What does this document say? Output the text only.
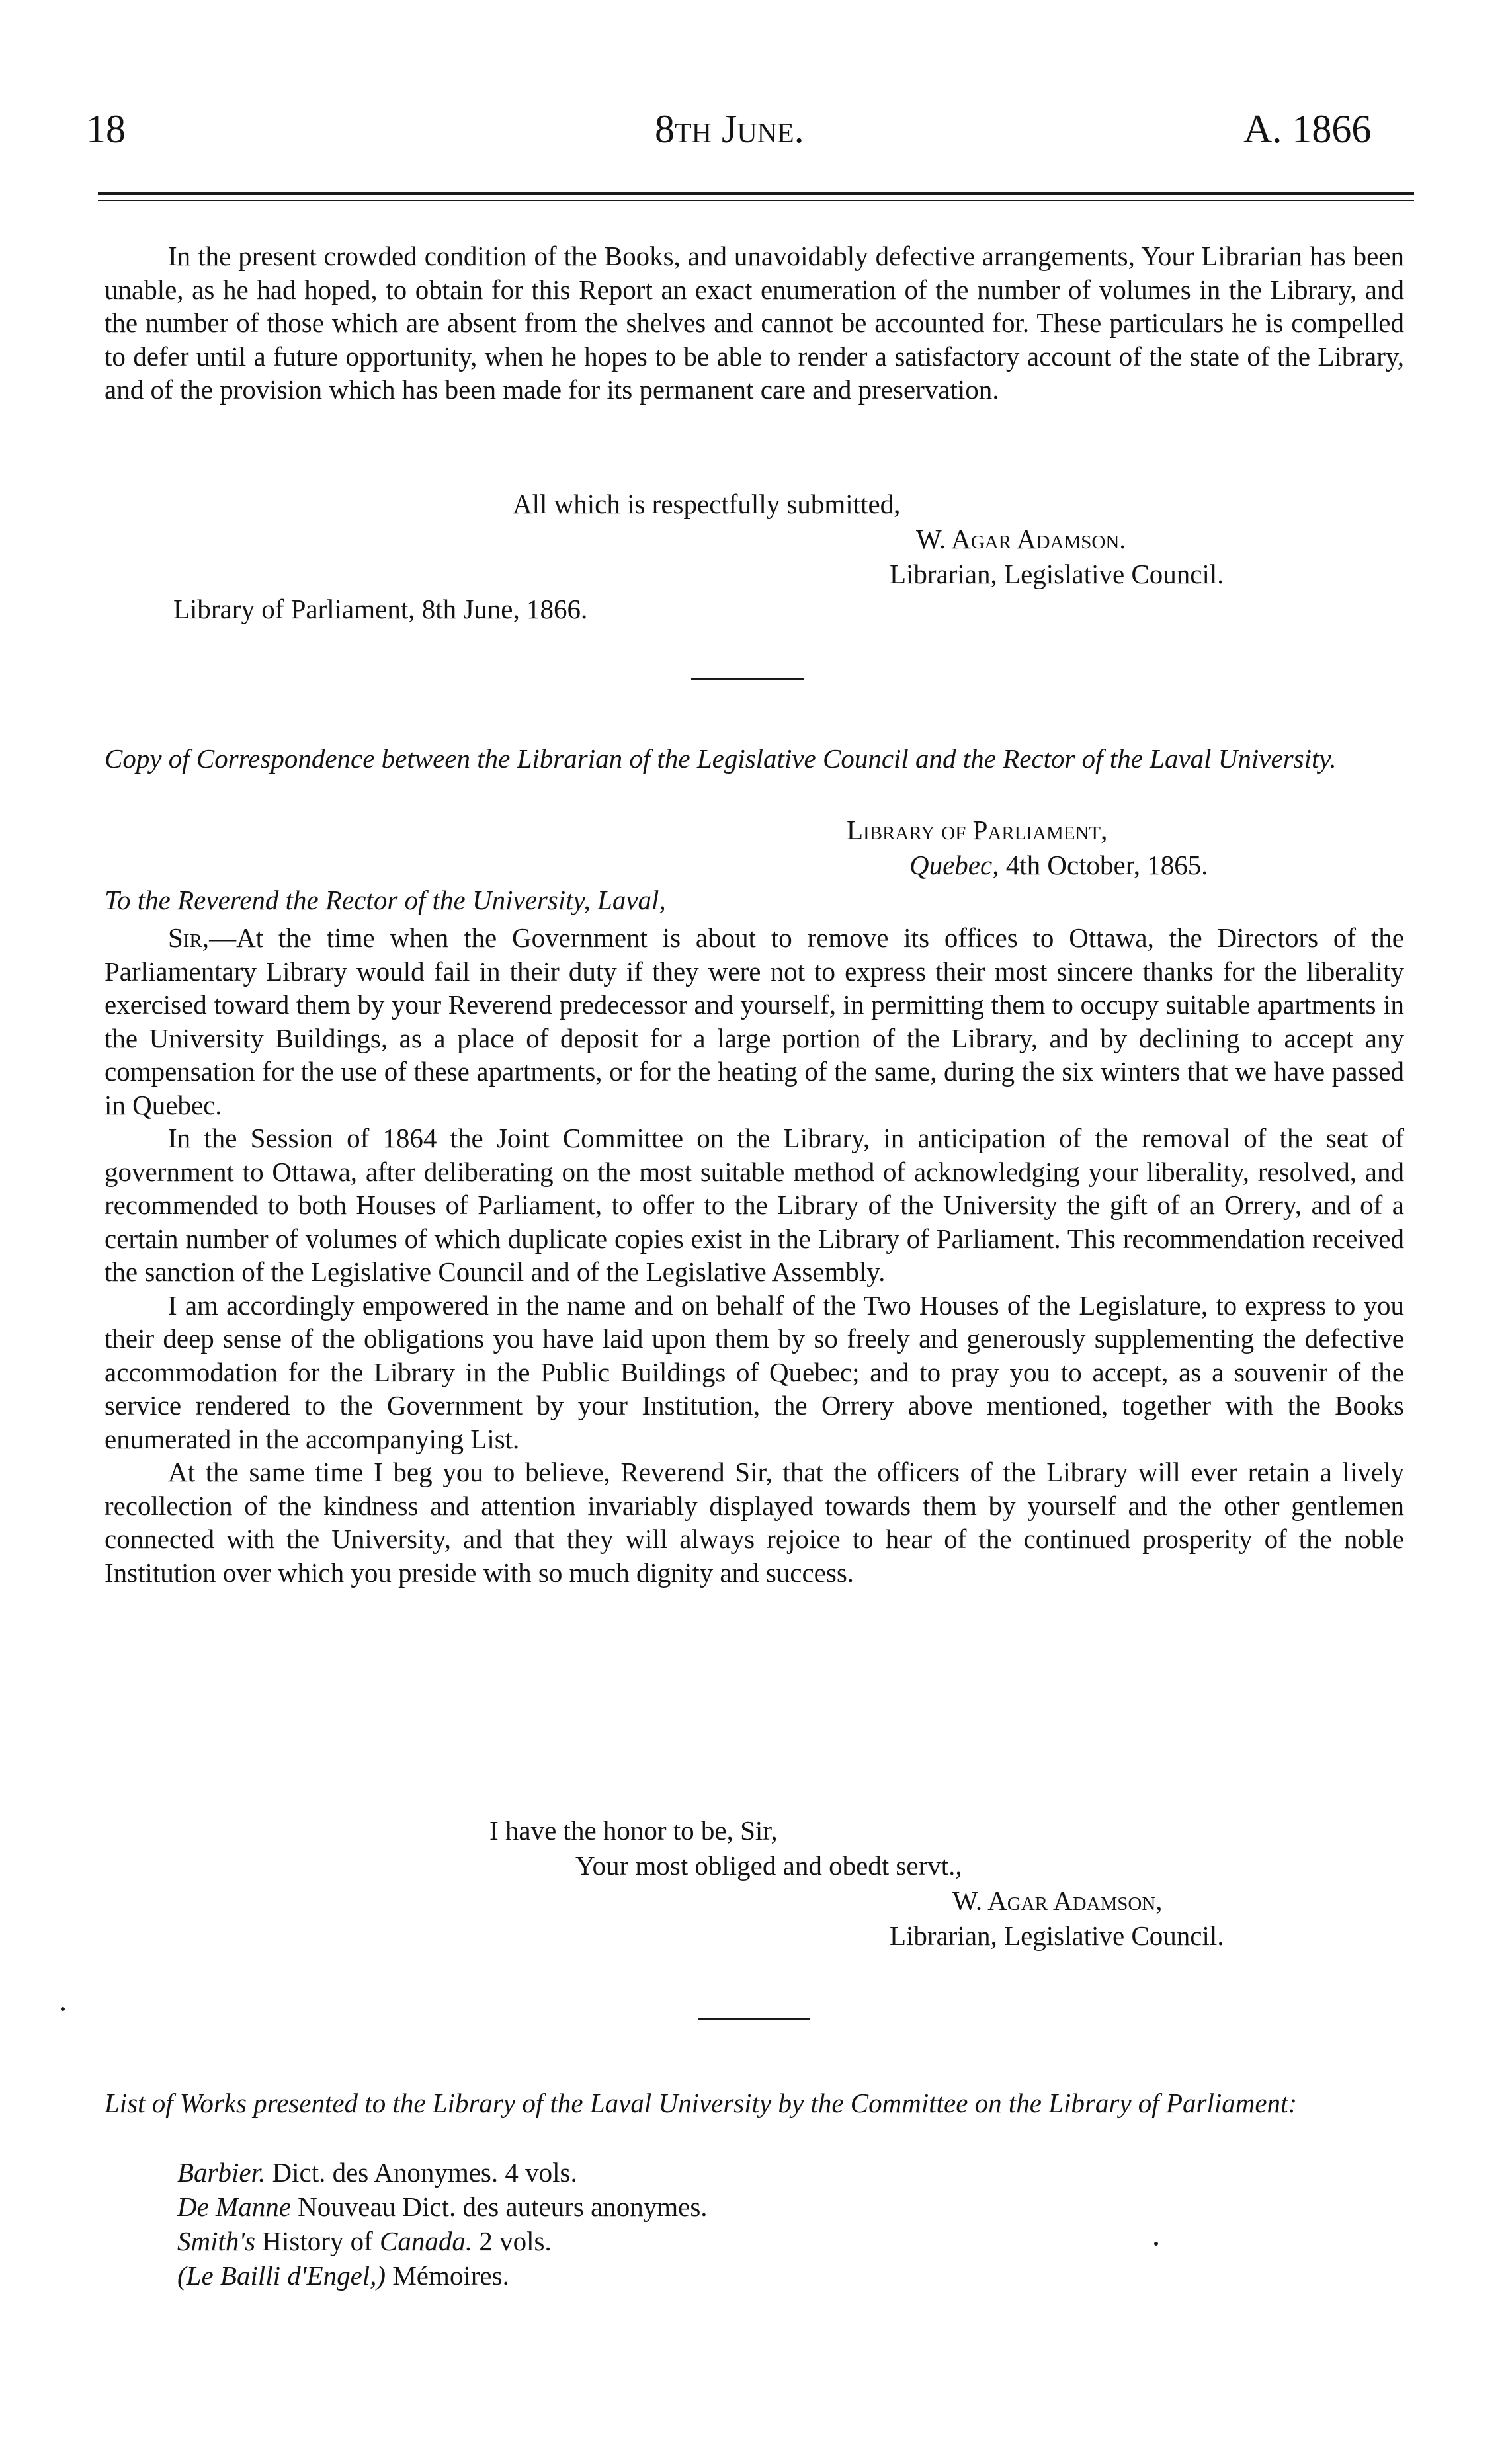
18	8th June.	A. 1866

In the present crowded condition of the Books, and unavoidably defective arrangements, Your Librarian has been unable, as he had hoped, to obtain for this Report an exact enumeration of the number of volumes in the Library, and the number of those which are absent from the shelves and cannot be accounted for. These particulars he is compelled to defer until a future opportunity, when he hopes to be able to render a satisfactory account of the state of the Library, and of the provision which has been made for its permanent care and preservation.

All which is respectfully submitted,
W. Agar Adamson.
Librarian, Legislative Council.
Library of Parliament, 8th June, 1866.

Copy of Correspondence between the Librarian of the Legislative Council and the Rector of the Laval University.

Library of Parliament,
Quebec, 4th October, 1865.
To the Reverend the Rector of the University, Laval,

Sir,—At the time when the Government is about to remove its offices to Ottawa, the Directors of the Parliamentary Library would fail in their duty if they were not to express their most sincere thanks for the liberality exercised toward them by your Reverend predecessor and yourself, in permitting them to occupy suitable apartments in the University Buildings, as a place of deposit for a large portion of the Library, and by declining to accept any compensation for the use of these apartments, or for the heating of the same, during the six winters that we have passed in Quebec.

In the Session of 1864 the Joint Committee on the Library, in anticipation of the removal of the seat of government to Ottawa, after deliberating on the most suitable method of acknowledging your liberality, resolved, and recommended to both Houses of Parliament, to offer to the Library of the University the gift of an Orrery, and of a certain number of volumes of which duplicate copies exist in the Library of Parliament. This recommendation received the sanction of the Legislative Council and of the Legislative Assembly.

I am accordingly empowered in the name and on behalf of the Two Houses of the Legislature, to express to you their deep sense of the obligations you have laid upon them by so freely and generously supplementing the defective accommodation for the Library in the Public Buildings of Quebec; and to pray you to accept, as a souvenir of the service rendered to the Government by your Institution, the Orrery above mentioned, together with the Books enumerated in the accompanying List.

At the same time I beg you to believe, Reverend Sir, that the officers of the Library will ever retain a lively recollection of the kindness and attention invariably displayed towards them by yourself and the other gentlemen connected with the University, and that they will always rejoice to hear of the continued prosperity of the noble Institution over which you preside with so much dignity and success.

I have the honor to be, Sir,
Your most obliged and obedt servt.,
W. Agar Adamson,
Librarian, Legislative Council.

List of Works presented to the Library of the Laval University by the Committee on the Library of Parliament:

Barbier. Dict. des Anonymes. 4 vols.
De Manne Nouveau Dict. des auteurs anonymes.
Smith's History of Canada. 2 vols.
(Le Bailli d'Engel,) Mémoires.
